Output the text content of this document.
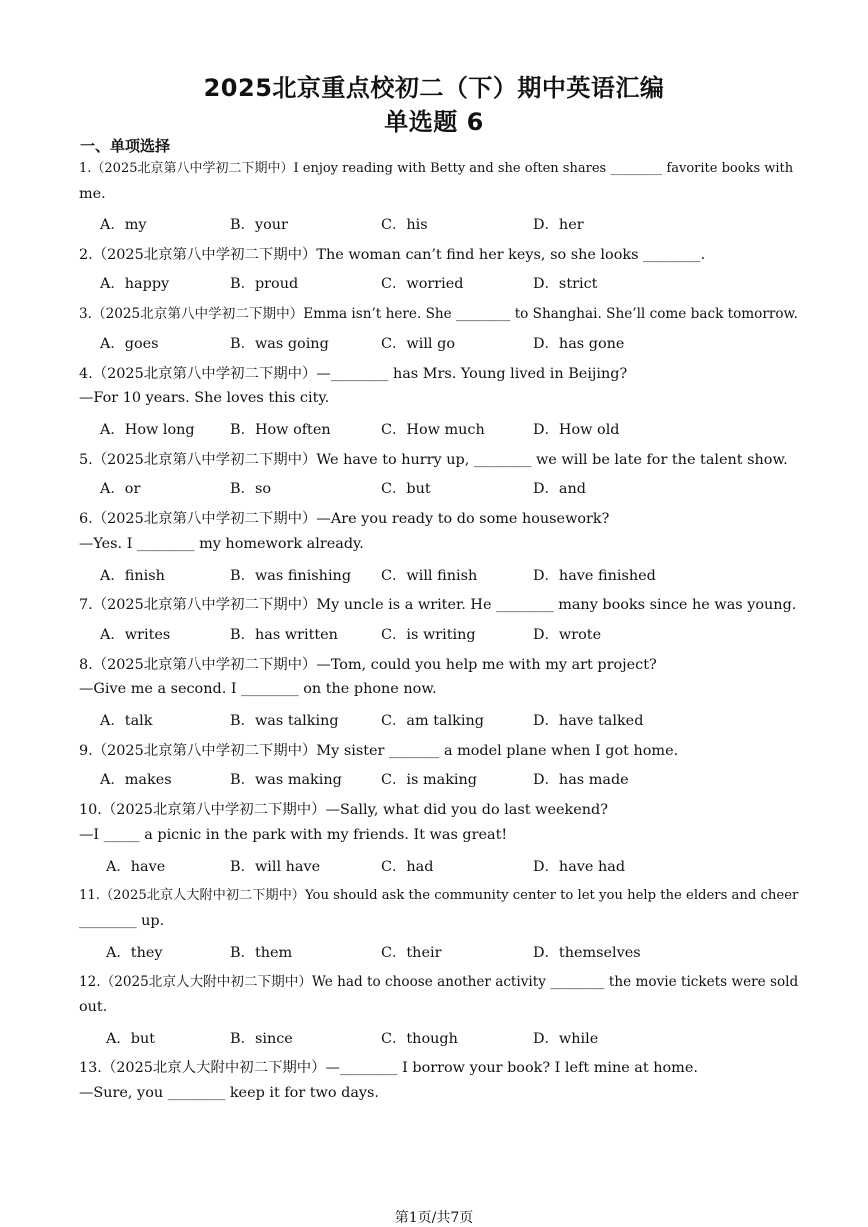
2025北京重点校初二（下）期中英语汇编
单选题 6
一、单项选择
1.（2025北京第八中学初二下期中）I enjoy reading with Betty and she often shares ________ favorite books with
me.
A．my	B．your	C．his	D．her
2.（2025北京第八中学初二下期中）The woman can’t find her keys, so she looks ________.
A．happy	B．proud	C．worried	D．strict
3.（2025北京第八中学初二下期中）Emma isn’t here. She ________ to Shanghai. She’ll come back tomorrow.
A．goes	B．was going	C．will go	D．has gone
4.（2025北京第八中学初二下期中）—________ has Mrs. Young lived in Beijing?
—For 10 years. She loves this city.
A．How long B．How often	C．How much	D．How old
5.（2025北京第八中学初二下期中）We have to hurry up, ________ we will be late for the talent show.
A．or	B．so	C．but	D．and
6.（2025北京第八中学初二下期中）—Are you ready to do some housework?
—Yes. I ________ my homework already.
A．finish	B．was finishing C．will finish	D．have finished
7.（2025北京第八中学初二下期中）My uncle is a writer. He ________ many books since he was young.
A．writes	B．has written	C．is writing	D．wrote
8.（2025北京第八中学初二下期中）—Tom, could you help me with my art project?
—Give me a second. I ________ on the phone now.
A．talk	B．was talking	C．am talking	D．have talked
9.（2025北京第八中学初二下期中）My sister _______ a model plane when I got home.
A．makes	B．was making	C．is making	D．has made
10.（2025北京第八中学初二下期中）—Sally, what did you do last weekend?
—I _____ a picnic in the park with my friends. It was great!
A．have	B．will have	C．had	D．have had
11.（2025北京人大附中初二下期中）You should ask the community center to let you help the elders and cheer
________ up.
A．they	B．them	C．their	D．themselves
12.（2025北京人大附中初二下期中）We had to choose another activity ________ the movie tickets were sold
out.
A．but	B．since	C．though	D．while
13.（2025北京人大附中初二下期中）—________ I borrow your book? I left mine at home.
—Sure, you ________ keep it for two days.
第1页/共7页
